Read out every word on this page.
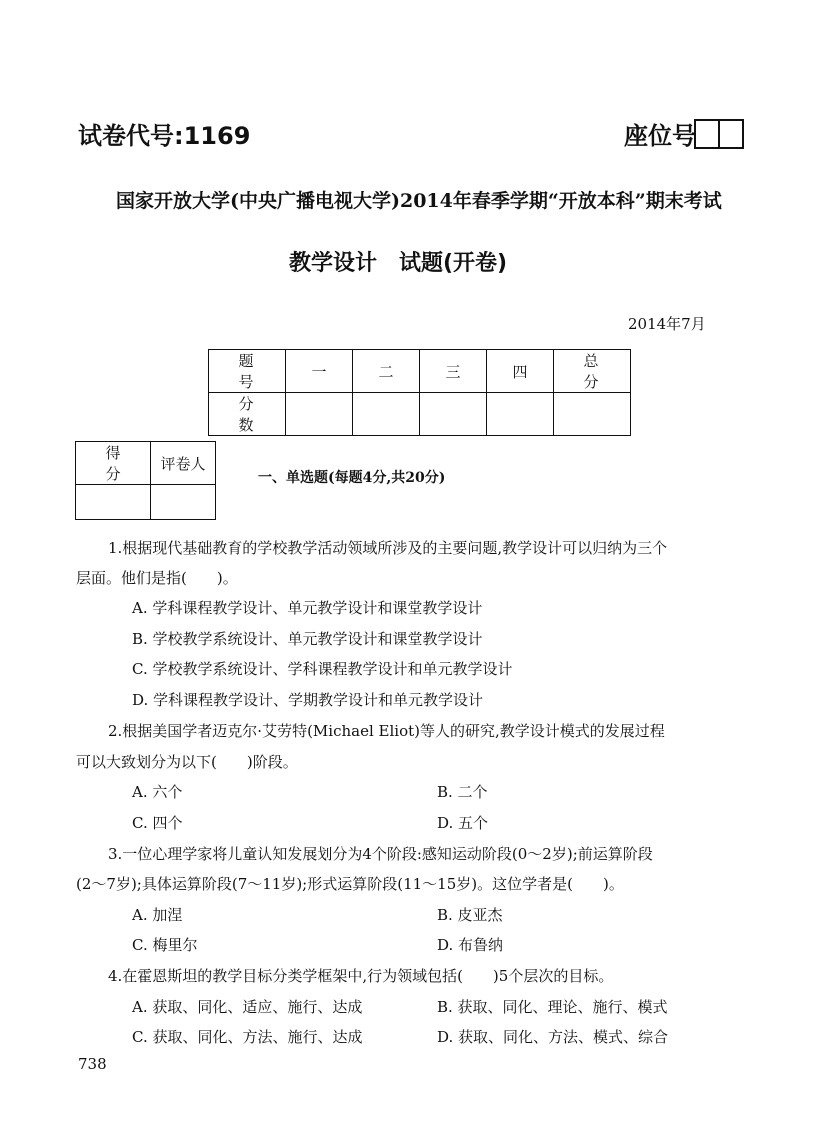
试卷代号:1169	座位号
国家开放大学(中央广播电视大学)2014年春季学期“开放本科”期末考试
教学设计　试题(开卷)
2014年7月
题　号	一	二	三	四	总　分
分　数					
得　分	评卷人

一、单选题(每题4分,共20分)
1.根据现代基础教育的学校教学活动领域所涉及的主要问题,教学设计可以归纳为三个
层面。他们是指(　　)。
A. 学科课程教学设计、单元教学设计和课堂教学设计
B. 学校教学系统设计、单元教学设计和课堂教学设计
C. 学校教学系统设计、学科课程教学设计和单元教学设计
D. 学科课程教学设计、学期教学设计和单元教学设计
2.根据美国学者迈克尔·艾劳特(Michael Eliot)等人的研究,教学设计模式的发展过程
可以大致划分为以下(　　)阶段。
A. 六个	B. 二个
C. 四个	D. 五个
3.一位心理学家将儿童认知发展划分为4个阶段:感知运动阶段(0～2岁);前运算阶段
(2～7岁);具体运算阶段(7～11岁);形式运算阶段(11～15岁)。这位学者是(　　)。
A. 加涅	B. 皮亚杰
C. 梅里尔	D. 布鲁纳
4.在霍恩斯坦的教学目标分类学框架中,行为领域包括(　　)5个层次的目标。
A. 获取、同化、适应、施行、达成	B. 获取、同化、理论、施行、模式
C. 获取、同化、方法、施行、达成	D. 获取、同化、方法、模式、综合
738
